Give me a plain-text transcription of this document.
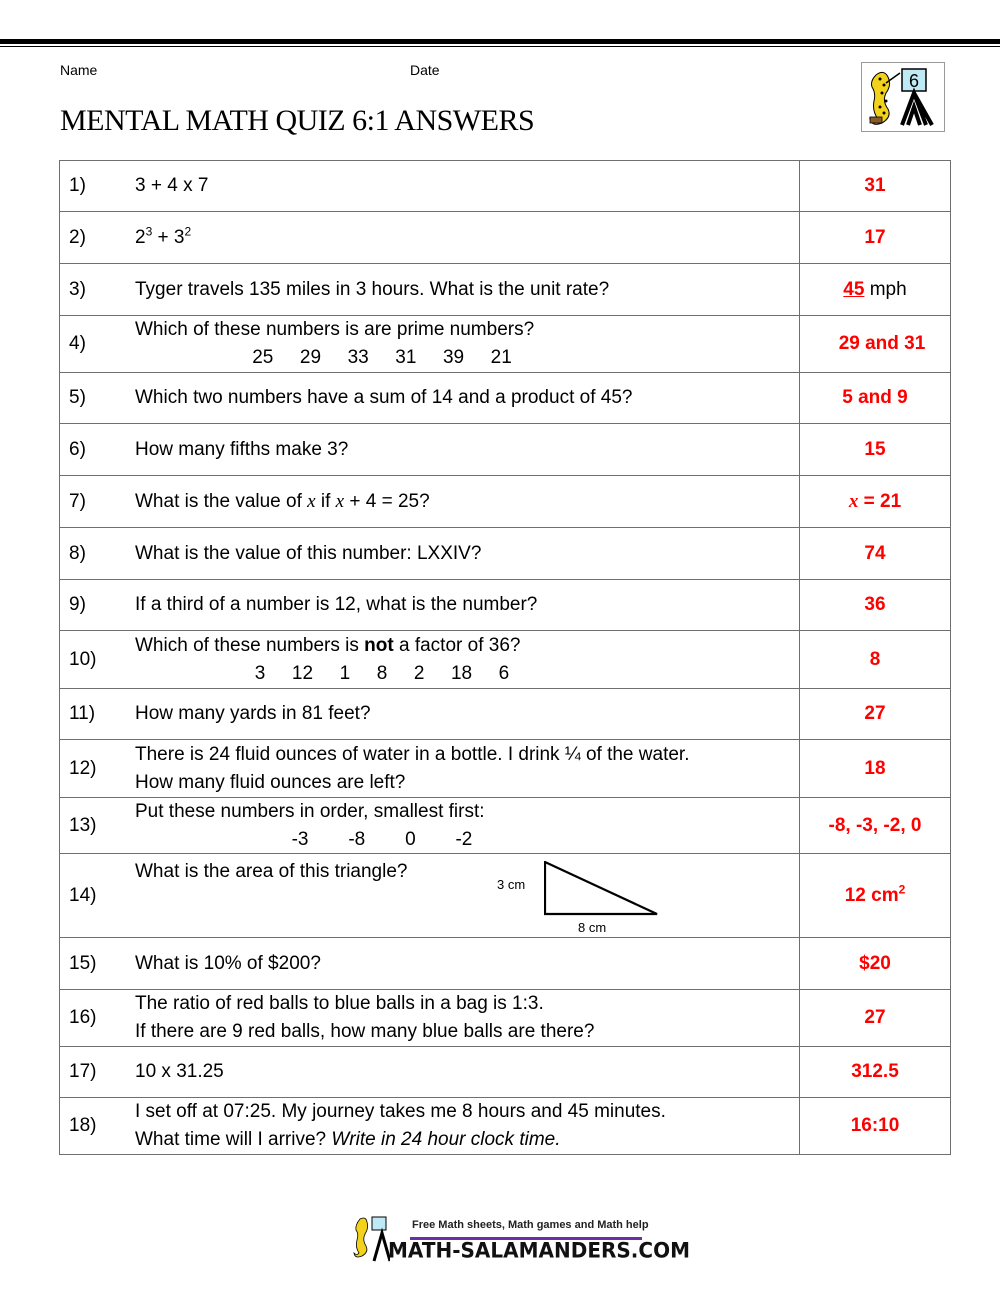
Name	Date
MENTAL MATH QUIZ 6:1 ANSWERS
6
1) 3 + 4 x 7	31

2) $2^3 + 3^2$	17

3) Tyger travels 135 miles in 3 hours. What is the unit rate?	45 mph

4)
Which of these numbers is are prime numbers?
25  29  33  31  39  21	29 and 31

5) Which two numbers have a sum of 14 and a product of 45?	5 and 9

6) How many fifths make 3?	15

7) What is the value of x if x + 4 = 25?	x = 21

8) What is the value of this number: LXXIV?	74

9) If a third of a number is 12, what is the number?	36

10)
Which of these numbers is not a factor of 36?
3  12  1  8  2  18  6	8

11) How many yards in 81 feet?	27

12)
There is 24 fluid ounces of water in a bottle. I drink ¼ of the water.
How many fluid ounces are left?	18

13)
Put these numbers in order, smallest first:
-3   -8   0   -2	-8, -3, -2, 0

14)
What is the area of this triangle?
3 cm
8 cm	12 $cm^2$

15) What is 10% of $200?	$20

16)
The ratio of red balls to blue balls in a bag is 1:3.
If there are 9 red balls, how many blue balls are there?	27

17) 10 x 31.25	312.5

18)
I set off at 07:25. My journey takes me 8 hours and 45 minutes.
What time will I arrive? Write in 24 hour clock time.	16:10
Free Math sheets, Math games and Math help
MATH-SALAMANDERS.COM
